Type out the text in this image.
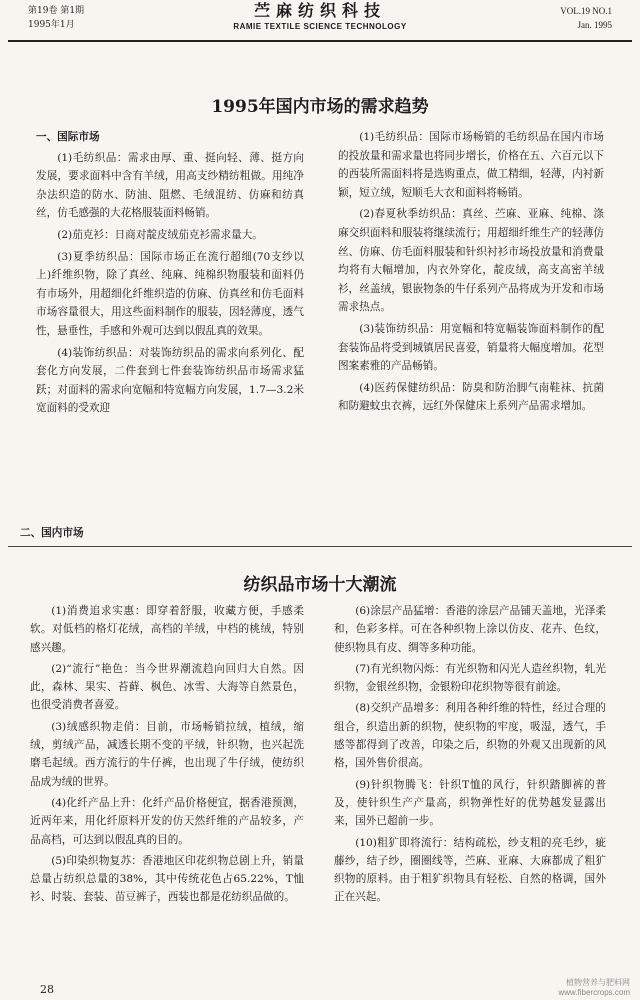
第19卷 第1期
1995年1月
苎麻纺织科技
RAMIE TEXTILE SCIENCE TECHNOLOGY
VOL.19 NO.1
Jan. 1995
1995年国内市场的需求趋势

一、国际市场

(1)毛纺织品：需求由厚、重、挺向轻、薄、挺方向发展，要求面料中含有羊绒，用高支纱精纺粗做。用纯净杂法织造的防水、防油、阻燃、毛绒混纺、仿麻和纺真丝，仿毛感强的大花格服装面料畅销。

(2)茄克衫：日商对靛皮绒茄克衫需求量大。

(3)夏季纺织品：国际市场正在流行超细(70支纱以上)纤维织物，除了真丝、纯麻、纯棉织物服装和面料仍有市场外，用超细化纤维织造的仿麻、仿真丝和仿毛面料市场容量很大，用这些面料制作的服装，因轻薄度，透气性，悬垂性，手感和外观可达到以假乱真的效果。

(4)装饰纺织品：对装饰纺织品的需求向系列化、配套化方向发展，二件套到七件套装饰纺织品市场需求猛跃；对面料的需求向宽幅和特宽幅方向发展，1.7—3.2米宽面料的受欢迎

二、国内市场

(1)毛纺织品：国际市场畅销的毛纺织品在国内市场的投放量和需求量也将同步增长，价格在五、六百元以下的西装所需面料将是选购重点，做工精细，轻薄，内衬新颖，短立绒，短顺毛大衣和面料将畅销。

(2)春夏秋季纺织品：真丝、苎麻、亚麻、纯棉、涤麻交织面料和服装将继续流行；用超细纤维生产的轻薄仿丝、仿麻、仿毛面料服装和针织衬衫市场投放量和消费量均将有大幅增加，内衣外穿化，靛皮绒，高支高密羊绒衫，丝盖绒，银嵌物条的牛仔系列产品将成为开发和市场需求热点。

(3)装饰纺织品：用宽幅和特宽幅装饰面料制作的配套装饰品将受到城镇居民喜爱，销量将大幅度增加。花型图案素雅的产品畅销。

(4)医药保健纺织品：防臭和防治脚气南鞋袜、抗菌和防避蚊虫衣裤，远红外保健床上系列产品需求增加。

纺织品市场十大潮流

(1)消费追求实惠：即穿着舒服，收藏方便，手感柔软。对低档的格灯花绒，高档的羊绒，中档的桃绒，特别感兴趣。

(2)“流行”艳色：当今世界潮流趋向回归大自然。因此，森林、果实、苔藓、枫色、冰雪、大海等自然景色，也很受消费者喜爱。

(3)绒感织物走俏：目前，市场畅销拉绒，植绒，缩绒，剪绒产品，减透长期不变的平绒，针织物，也兴起洗磨毛起绒。西方流行的牛仔裤，也出现了牛仔绒，使纺织品成为绒的世界。

(4)化纤产品上升：化纤产品价格便宜，据香港预测，近两年来，用化纤原料开发的仿天然纤维的产品较多，产品高档，可达到以假乱真的目的。

(5)印染织物复苏：香港地区印花织物总剧上升，销量总量占纺织总量的38%，其中传统花色占65.22%，T恤衫、时装、套装、苗豆裤子，西装也都是花纺织品做的。

(6)涂层产品猛增：香港的涂层产品铺天盖地，光泽柔和，色彩多样。可在各种织物上涂以仿皮、花卉、色纹，使织物具有皮、绸等多种功能。

(7)有光织物闪烁：有光织物和闪光人造丝织物，轧光织物，金银丝织物，金银粉印花织物等很有前途。

(8)交织产品增多：利用各种纤维的特性，经过合理的组合，织造出新的织物，使织物的牢度，吸湿，透气，手感等都得到了改善，印染之后，织物的外观又出现新的风格，国外售价很高。

(9)针织物腾飞：针织T恤的风行，针织踏脚裤的普及，使针织生产产量高，织物弹性好的优势越发显露出来，国外已超前一步。

(10)粗犷即将流行：结构疏松，纱支粗的亮毛纱，疵藤纱，结子纱，圈圈线等，苎麻、亚麻、大麻都成了粗犷织物的原料。由于粗犷织物具有轻松、自然的格调，国外正在兴起。

28
植物营养与肥料网
www.fibercrops.com
